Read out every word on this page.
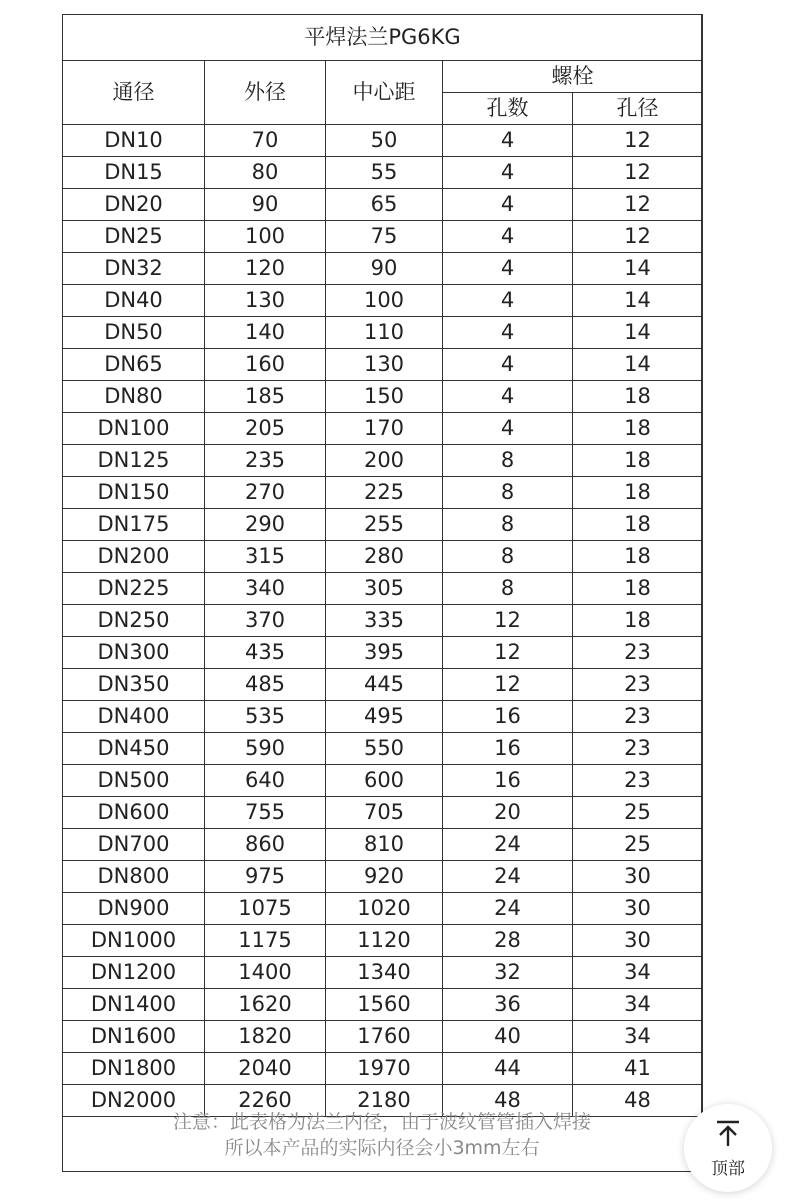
平焊法兰PG6KG				
通径	外径	中心距	螺栓	
			孔数	孔径
DN10	70	50	4	12
DN15	80	55	4	12
DN20	90	65	4	12
DN25	100	75	4	12
DN32	120	90	4	14
DN40	130	100	4	14
DN50	140	110	4	14
DN65	160	130	4	14
DN80	185	150	4	18
DN100	205	170	4	18
DN125	235	200	8	18
DN150	270	225	8	18
DN175	290	255	8	18
DN200	315	280	8	18
DN225	340	305	8	18
DN250	370	335	12	18
DN300	435	395	12	23
DN350	485	445	12	23
DN400	535	495	16	23
DN450	590	550	16	23
DN500	640	600	16	23
DN600	755	705	20	25
DN700	860	810	24	25
DN800	975	920	24	30
DN900	1075	1020	24	30
DN1000	1175	1120	28	30
DN1200	1400	1340	32	34
DN1400	1620	1560	36	34
DN1600	1820	1760	40	34
DN1800	2040	1970	44	41
DN2000	2260	2180	48	48
注意：此表格为法兰内径，由于波纹管管插入焊接
所以本产品的实际内径会小3mm左右
顶部
